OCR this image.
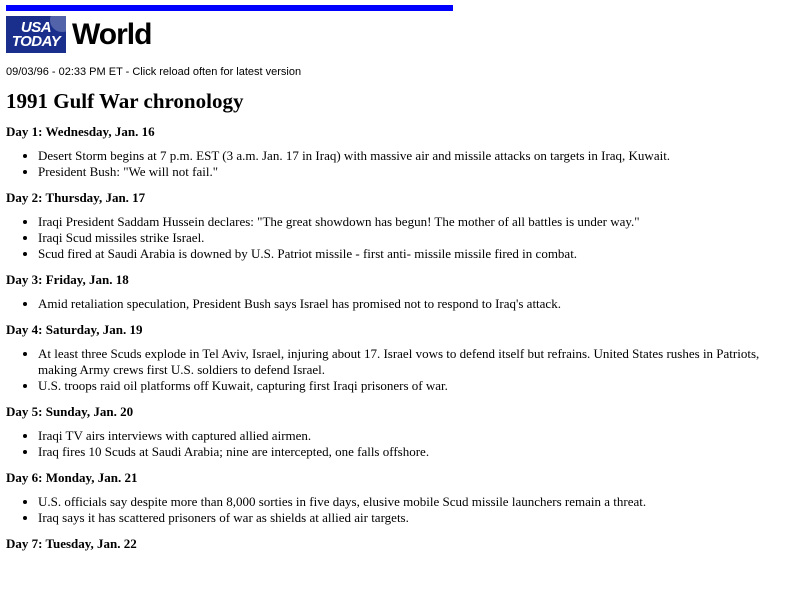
USA
TODAY World
09/03/96 - 02:33 PM ET - Click reload often for latest version
1991 Gulf War chronology
Day 1: Wednesday, Jan. 16
• Desert Storm begins at 7 p.m. EST (3 a.m. Jan. 17 in Iraq) with massive air and missile attacks on targets in Iraq, Kuwait.
• President Bush: "We will not fail."
Day 2: Thursday, Jan. 17
• Iraqi President Saddam Hussein declares: "The great showdown has begun! The mother of all battles is under way."
• Iraqi Scud missiles strike Israel.
• Scud fired at Saudi Arabia is downed by U.S. Patriot missile - first anti- missile missile fired in combat.
Day 3: Friday, Jan. 18
• Amid retaliation speculation, President Bush says Israel has promised not to respond to Iraq's attack.
Day 4: Saturday, Jan. 19
• At least three Scuds explode in Tel Aviv, Israel, injuring about 17. Israel vows to defend itself but refrains. United States rushes in Patriots, making Army crews first U.S. soldiers to defend Israel.
• U.S. troops raid oil platforms off Kuwait, capturing first Iraqi prisoners of war.
Day 5: Sunday, Jan. 20
• Iraqi TV airs interviews with captured allied airmen.
• Iraq fires 10 Scuds at Saudi Arabia; nine are intercepted, one falls offshore.
Day 6: Monday, Jan. 21
• U.S. officials say despite more than 8,000 sorties in five days, elusive mobile Scud missile launchers remain a threat.
• Iraq says it has scattered prisoners of war as shields at allied air targets.
Day 7: Tuesday, Jan. 22
